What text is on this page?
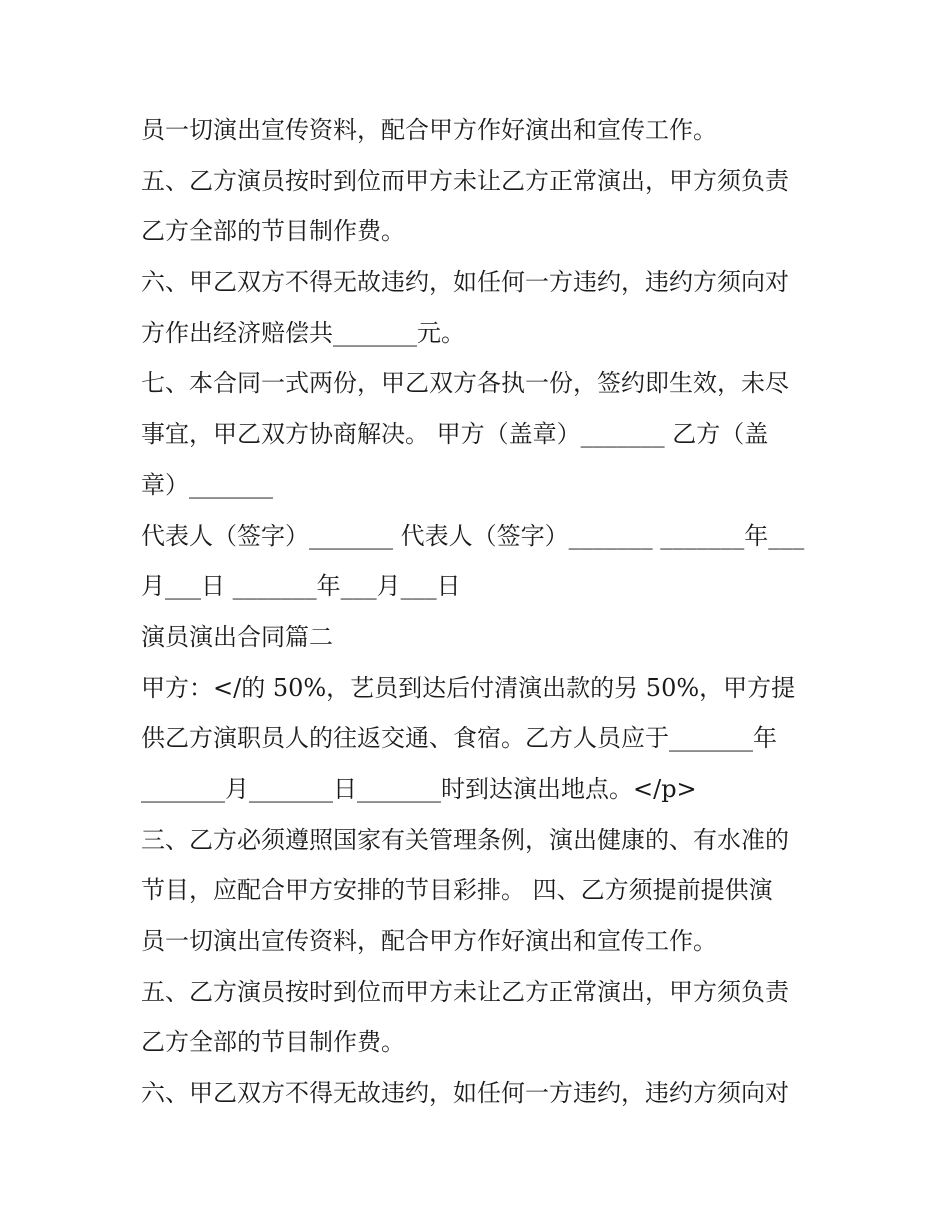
员一切演出宣传资料，配合甲方作好演出和宣传工作。
五、乙方演员按时到位而甲方未让乙方正常演出，甲方须负责
乙方全部的节目制作费。
六、甲乙双方不得无故违约，如任何一方违约，违约方须向对
方作出经济赔偿共_______元。
七、本合同一式两份，甲乙双方各执一份，签约即生效，未尽
事宜，甲乙双方协商解决。 甲方（盖章）_______ 乙方（盖
章）_______
代表人（签字）_______ 代表人（签字）_______ _______年___
月___日 _______年___月___日
演员演出合同篇二
甲方：</的 50%，艺员到达后付清演出款的另 50%，甲方提
供乙方演职员人的往返交通、食宿。乙方人员应于_______年
_______月_______日_______时到达演出地点。</p>
三、乙方必须遵照国家有关管理条例，演出健康的、有水准的
节目，应配合甲方安排的节目彩排。 四、乙方须提前提供演
员一切演出宣传资料，配合甲方作好演出和宣传工作。
五、乙方演员按时到位而甲方未让乙方正常演出，甲方须负责
乙方全部的节目制作费。
六、甲乙双方不得无故违约，如任何一方违约，违约方须向对
